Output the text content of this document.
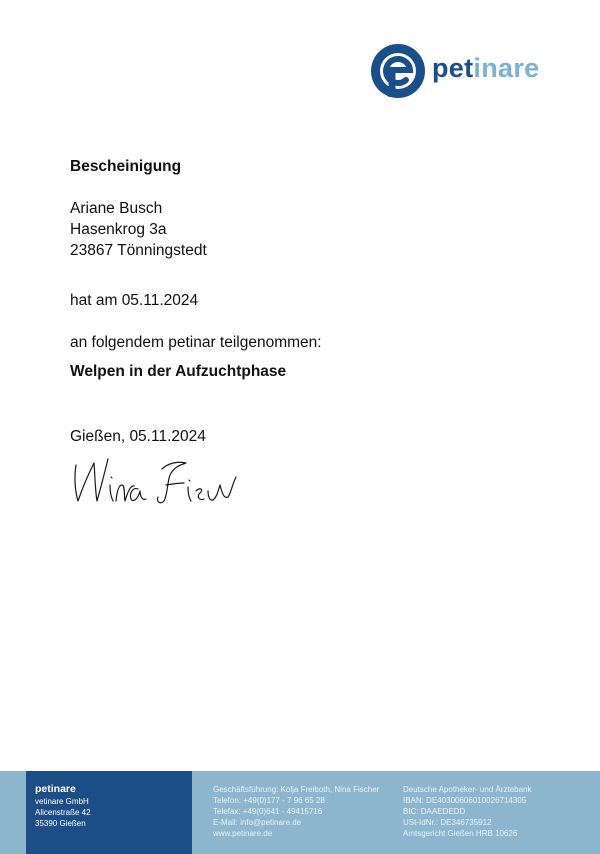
petinare
Bescheinigung
Ariane Busch
Hasenkrog 3a
23867 Tönningstedt
hat am 05.11.2024
an folgendem petinar teilgenommen:
Welpen in der Aufzuchtphase
Gießen, 05.11.2024
petinare
vetinare GmbH
Alicenstraße 42
35390 Gießen
Geschäftsführung: Kolja Freiboth, Nina Fischer
Telefon: +49(0)177 - 7 96 65 28
Telefax: +49(0)641 - 49415716
E-Mail: info@petinare.de
www.petinare.de
Deutsche Apotheker- und Ärztebank
IBAN: DE40300606010026714305
BIC: DAAEDEDD
USt-IdNr.: DE346735912
Amtsgericht Gießen HRB 10626
